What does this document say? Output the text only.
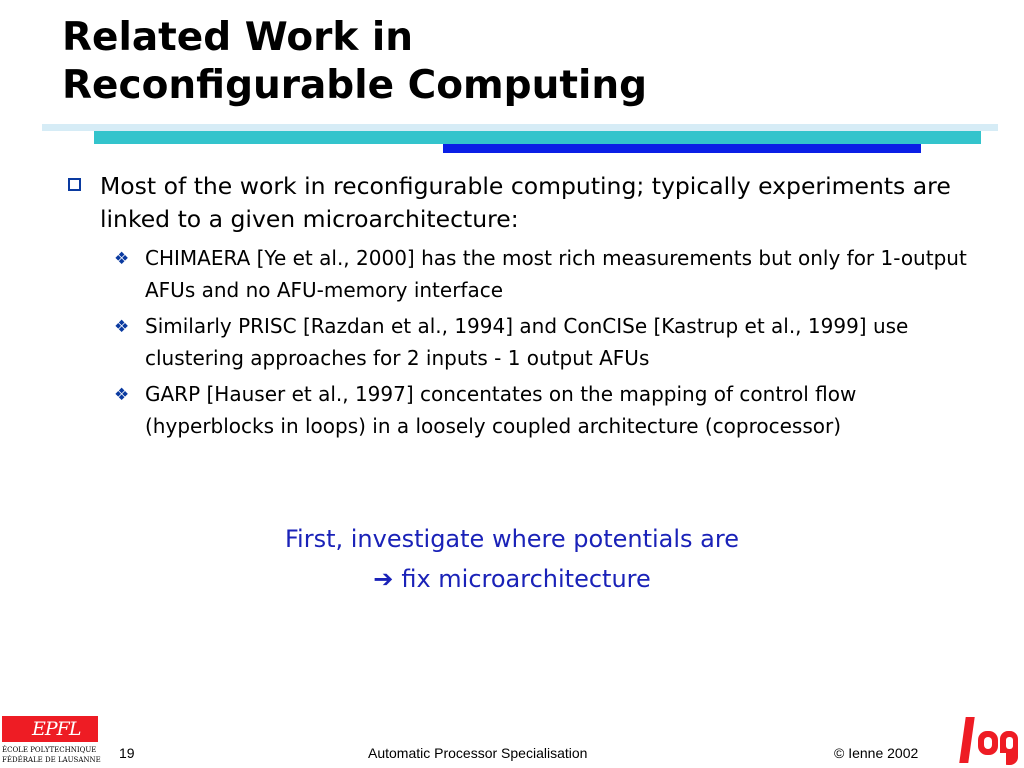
Related Work in
Reconfigurable Computing
Most of the work in reconfigurable computing; typically experiments are linked to a given microarchitecture:
❖ CHIMAERA [Ye et al., 2000] has the most rich measurements but only for 1-output AFUs and no AFU-memory interface
❖ Similarly PRISC [Razdan et al., 1994] and ConCISe [Kastrup et al., 1999] use clustering approaches for 2 inputs - 1 output AFUs
❖ GARP [Hauser et al., 1997] concentates on the mapping of control flow (hyperblocks in loops) in a loosely coupled architecture (coprocessor)
First, investigate where potentials are
➔ fix microarchitecture
EPFL
ÉCOLE POLYTECHNIQUE
FÉDÉRALE DE LAUSANNE 19	Automatic Processor Specialisation	© Ienne 2002
